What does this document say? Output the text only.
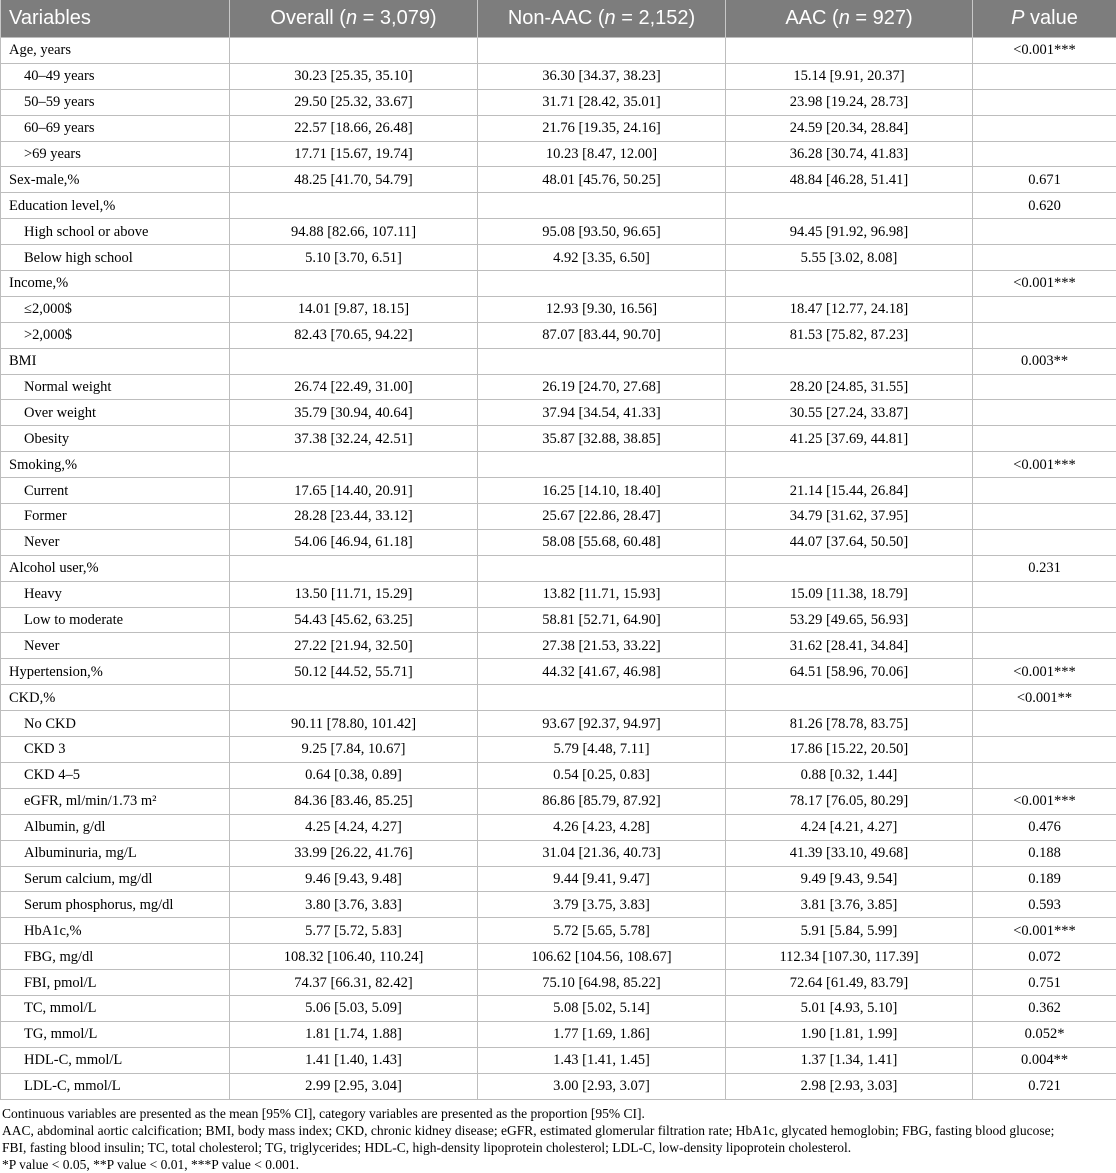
Variables	Overall (n = 3,079)	Non-AAC (n = 2,152)	AAC (n = 927)	P value
Age, years				<0.001***
40–49 years	30.23 [25.35, 35.10]	36.30 [34.37, 38.23]	15.14 [9.91, 20.37]	
50–59 years	29.50 [25.32, 33.67]	31.71 [28.42, 35.01]	23.98 [19.24, 28.73]	
60–69 years	22.57 [18.66, 26.48]	21.76 [19.35, 24.16]	24.59 [20.34, 28.84]	
>69 years	17.71 [15.67, 19.74]	10.23 [8.47, 12.00]	36.28 [30.74, 41.83]	
Sex-male,%	48.25 [41.70, 54.79]	48.01 [45.76, 50.25]	48.84 [46.28, 51.41]	0.671
Education level,%				0.620
High school or above	94.88 [82.66, 107.11]	95.08 [93.50, 96.65]	94.45 [91.92, 96.98]	
Below high school	5.10 [3.70, 6.51]	4.92 [3.35, 6.50]	5.55 [3.02, 8.08]	
Income,%				<0.001***
≤2,000$	14.01 [9.87, 18.15]	12.93 [9.30, 16.56]	18.47 [12.77, 24.18]	
>2,000$	82.43 [70.65, 94.22]	87.07 [83.44, 90.70]	81.53 [75.82, 87.23]	
BMI				0.003**
Normal weight	26.74 [22.49, 31.00]	26.19 [24.70, 27.68]	28.20 [24.85, 31.55]	
Over weight	35.79 [30.94, 40.64]	37.94 [34.54, 41.33]	30.55 [27.24, 33.87]	
Obesity	37.38 [32.24, 42.51]	35.87 [32.88, 38.85]	41.25 [37.69, 44.81]	
Smoking,%				<0.001***
Current	17.65 [14.40, 20.91]	16.25 [14.10, 18.40]	21.14 [15.44, 26.84]	
Former	28.28 [23.44, 33.12]	25.67 [22.86, 28.47]	34.79 [31.62, 37.95]	
Never	54.06 [46.94, 61.18]	58.08 [55.68, 60.48]	44.07 [37.64, 50.50]	
Alcohol user,%				0.231
Heavy	13.50 [11.71, 15.29]	13.82 [11.71, 15.93]	15.09 [11.38, 18.79]	
Low to moderate	54.43 [45.62, 63.25]	58.81 [52.71, 64.90]	53.29 [49.65, 56.93]	
Never	27.22 [21.94, 32.50]	27.38 [21.53, 33.22]	31.62 [28.41, 34.84]	
Hypertension,%	50.12 [44.52, 55.71]	44.32 [41.67, 46.98]	64.51 [58.96, 70.06]	<0.001***
CKD,%				<0.001**
No CKD	90.11 [78.80, 101.42]	93.67 [92.37, 94.97]	81.26 [78.78, 83.75]	
CKD 3	9.25 [7.84, 10.67]	5.79 [4.48, 7.11]	17.86 [15.22, 20.50]	
CKD 4–5	0.64 [0.38, 0.89]	0.54 [0.25, 0.83]	0.88 [0.32, 1.44]	
eGFR, ml/min/1.73 m²	84.36 [83.46, 85.25]	86.86 [85.79, 87.92]	78.17 [76.05, 80.29]	<0.001***
Albumin, g/dl	4.25 [4.24, 4.27]	4.26 [4.23, 4.28]	4.24 [4.21, 4.27]	0.476
Albuminuria, mg/L	33.99 [26.22, 41.76]	31.04 [21.36, 40.73]	41.39 [33.10, 49.68]	0.188
Serum calcium, mg/dl	9.46 [9.43, 9.48]	9.44 [9.41, 9.47]	9.49 [9.43, 9.54]	0.189
Serum phosphorus, mg/dl	3.80 [3.76, 3.83]	3.79 [3.75, 3.83]	3.81 [3.76, 3.85]	0.593
HbA1c,%	5.77 [5.72, 5.83]	5.72 [5.65, 5.78]	5.91 [5.84, 5.99]	<0.001***
FBG, mg/dl	108.32 [106.40, 110.24]	106.62 [104.56, 108.67]	112.34 [107.30, 117.39]	0.072
FBI, pmol/L	74.37 [66.31, 82.42]	75.10 [64.98, 85.22]	72.64 [61.49, 83.79]	0.751
TC, mmol/L	5.06 [5.03, 5.09]	5.08 [5.02, 5.14]	5.01 [4.93, 5.10]	0.362
TG, mmol/L	1.81 [1.74, 1.88]	1.77 [1.69, 1.86]	1.90 [1.81, 1.99]	0.052*
HDL-C, mmol/L	1.41 [1.40, 1.43]	1.43 [1.41, 1.45]	1.37 [1.34, 1.41]	0.004**
LDL-C, mmol/L	2.99 [2.95, 3.04]	3.00 [2.93, 3.07]	2.98 [2.93, 3.03]	0.721
Continuous variables are presented as the mean [95% CI], category variables are presented as the proportion [95% CI].
AAC, abdominal aortic calcification; BMI, body mass index; CKD, chronic kidney disease; eGFR, estimated glomerular filtration rate; HbA1c, glycated hemoglobin; FBG, fasting blood glucose;
FBI, fasting blood insulin; TC, total cholesterol; TG, triglycerides; HDL-C, high-density lipoprotein cholesterol; LDL-C, low-density lipoprotein cholesterol.
*P value < 0.05, **P value < 0.01, ***P value < 0.001.
